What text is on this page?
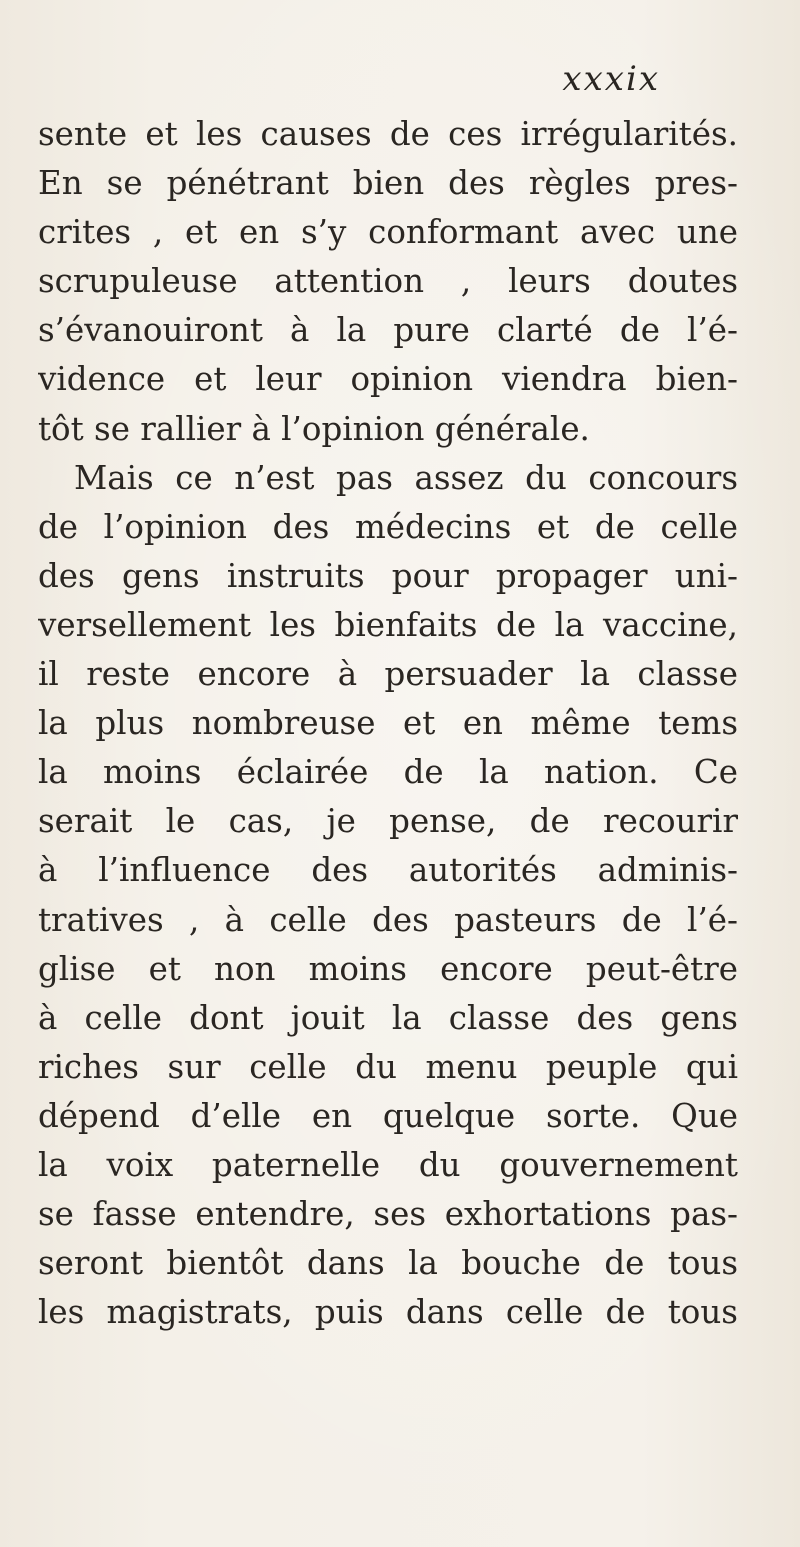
xxxix
sente et les causes de ces irrégularités.
En se pénétrant bien des règles pres-
crites , et en s’y conformant avec une
scrupuleuse attention , leurs doutes
s’évanouiront à la pure clarté de l’é-
vidence et leur opinion viendra bien-
tôt se rallier à l’opinion générale.
Mais ce n’est pas assez du concours
de l’opinion des médecins et de celle
des gens instruits pour propager uni-
versellement les bienfaits de la vaccine,
il reste encore à persuader la classe
la plus nombreuse et en même tems
la moins éclairée de la nation. Ce
serait le cas, je pense, de recourir
à l’influence des autorités adminis-
tratives , à celle des pasteurs de l’é-
glise et non moins encore peut-être
à celle dont jouit la classe des gens
riches sur celle du menu peuple qui
dépend d’elle en quelque sorte. Que
la voix paternelle du gouvernement
se fasse entendre, ses exhortations pas-
seront bientôt dans la bouche de tous
les magistrats, puis dans celle de tous
